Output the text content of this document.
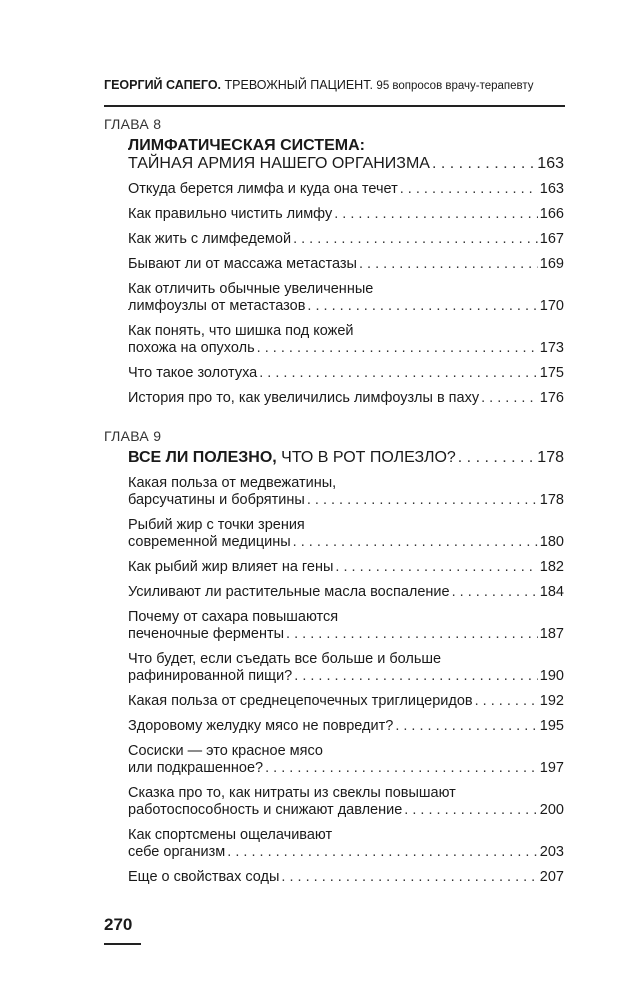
ГЕОРГИЙ САПЕГО. ТРЕВОЖНЫЙ ПАЦИЕНТ. 95 вопросов врачу-терапевту
ГЛАВА 8
ЛИМФАТИЧЕСКАЯ СИСТЕМА:
ТАЙНАЯ АРМИЯ НАШЕГО ОРГАНИЗМА . . .	163
Откуда берется лимфа и куда она течет . . .	163
Как правильно чистить лимфу . . .	166
Как жить с лимфедемой . . .	167
Бывают ли от массажа метастазы . . .	169
Как отличить обычные увеличенные
лимфоузлы от метастазов . . .	170
Как понять, что шишка под кожей
похожа на опухоль . . .	173
Что такое золотуха . . .	175
История про то, как увеличились лимфоузлы в паху . . .	176
ГЛАВА 9
ВСЕ ЛИ ПОЛЕЗНО, ЧТО В РОТ ПОЛЕЗЛО? . . .	178
Какая польза от медвежатины,
барсучатины и бобрятины . . .	178
Рыбий жир с точки зрения
современной медицины . . .	180
Как рыбий жир влияет на гены . . .	182
Усиливают ли растительные масла воспаление . . .	184
Почему от сахара повышаются
печеночные ферменты . . .	187
Что будет, если съедать все больше и больше
рафинированной пищи? . . .	190
Какая польза от среднецепочечных триглицеридов . . .	192
Здоровому желудку мясо не повредит? . . .	195
Сосиски — это красное мясо
или подкрашенное? . . .	197
Сказка про то, как нитраты из свеклы повышают
работоспособность и снижают давление . . .	200
Как спортсмены ощелачивают
себе организм . . .	203
Еще о свойствах соды . . .	207
270
